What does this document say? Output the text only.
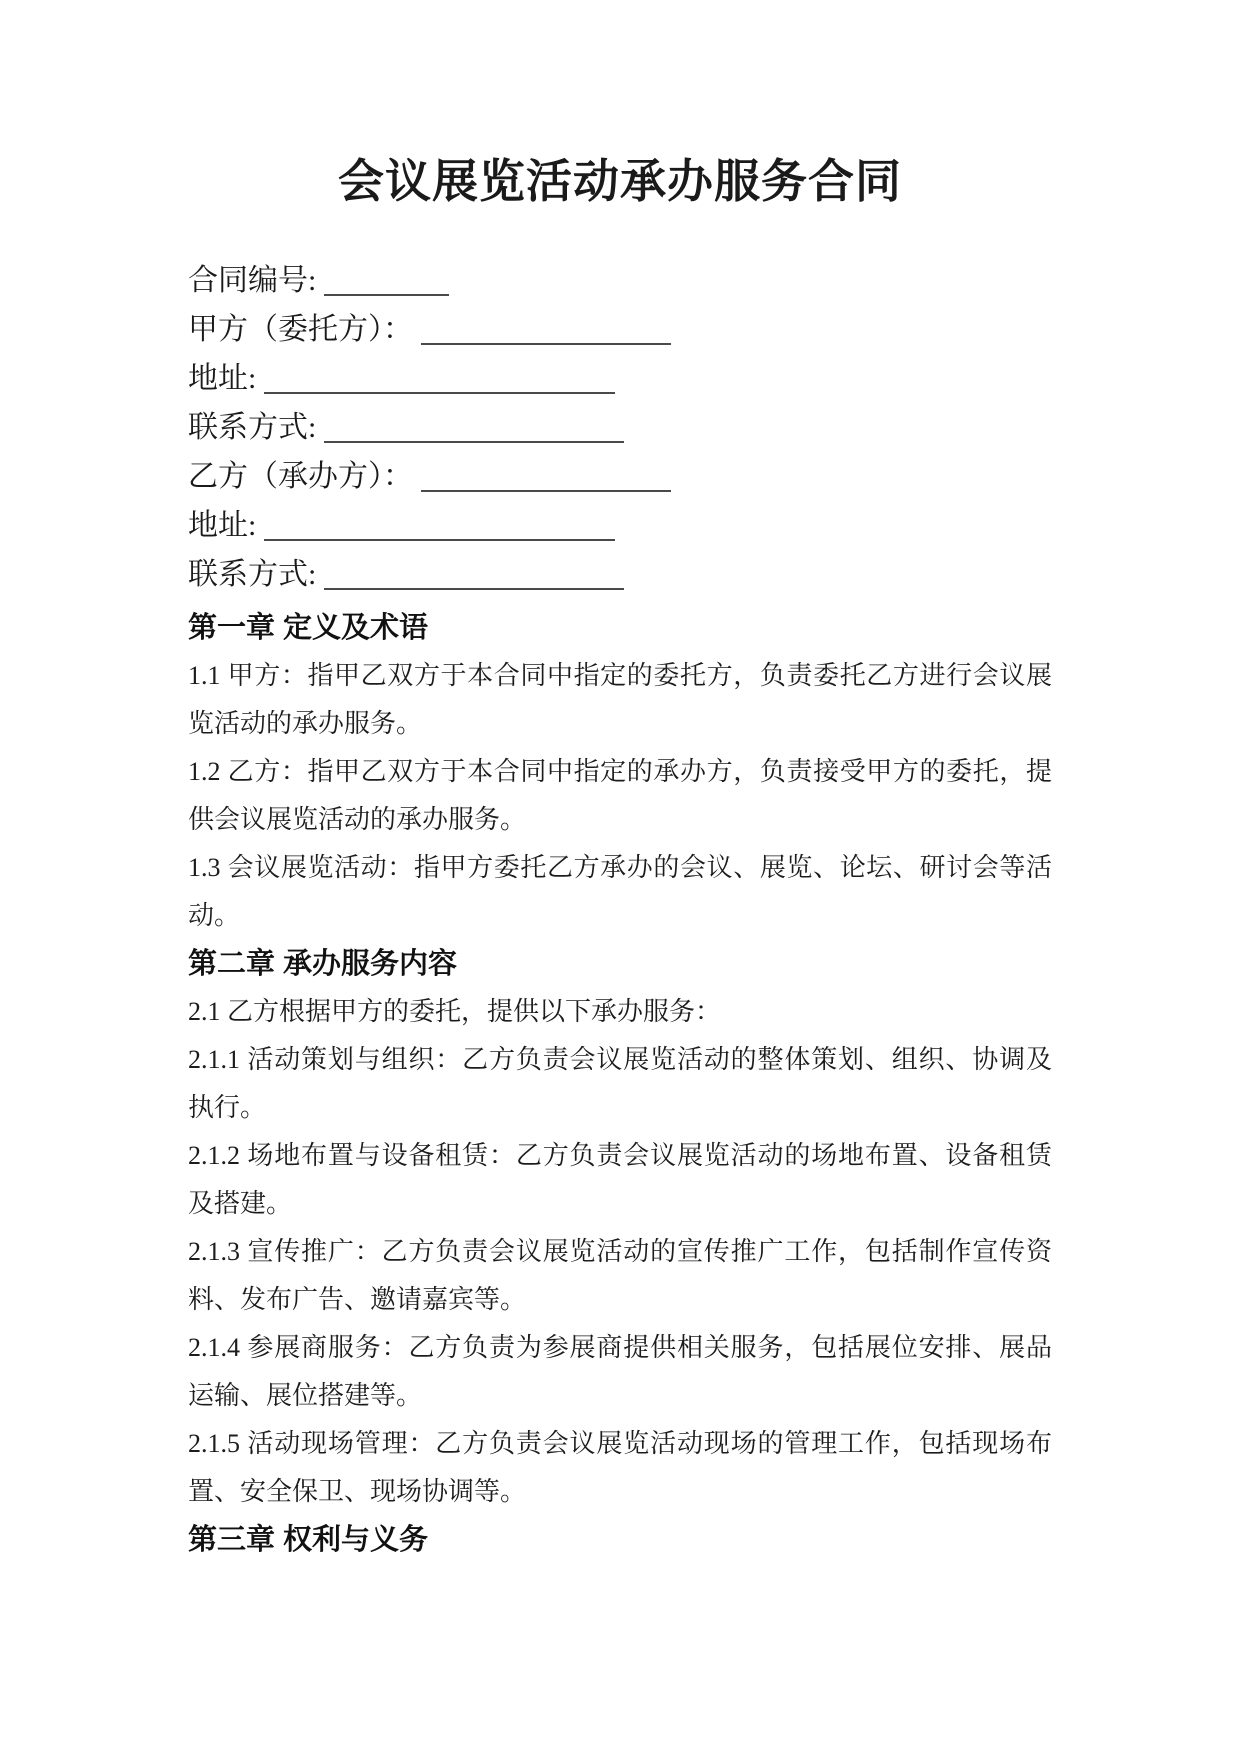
会议展览活动承办服务合同
合同编号:
甲方（委托方）：
地址:
联系方式:
乙方（承办方）：
地址:
联系方式:
第一章 定义及术语

1.1 甲方：指甲乙双方于本合同中指定的委托方，负责委托乙方进行会议展览活动的承办服务。

1.2 乙方：指甲乙双方于本合同中指定的承办方，负责接受甲方的委托，提供会议展览活动的承办服务。

1.3 会议展览活动：指甲方委托乙方承办的会议、展览、论坛、研讨会等活动。

第二章 承办服务内容

2.1 乙方根据甲方的委托，提供以下承办服务：

2.1.1 活动策划与组织：乙方负责会议展览活动的整体策划、组织、协调及执行。

2.1.2 场地布置与设备租赁：乙方负责会议展览活动的场地布置、设备租赁及搭建。

2.1.3 宣传推广：乙方负责会议展览活动的宣传推广工作，包括制作宣传资料、发布广告、邀请嘉宾等。

2.1.4 参展商服务：乙方负责为参展商提供相关服务，包括展位安排、展品运输、展位搭建等。

2.1.5 活动现场管理：乙方负责会议展览活动现场的管理工作，包括现场布置、安全保卫、现场协调等。

第三章 权利与义务
